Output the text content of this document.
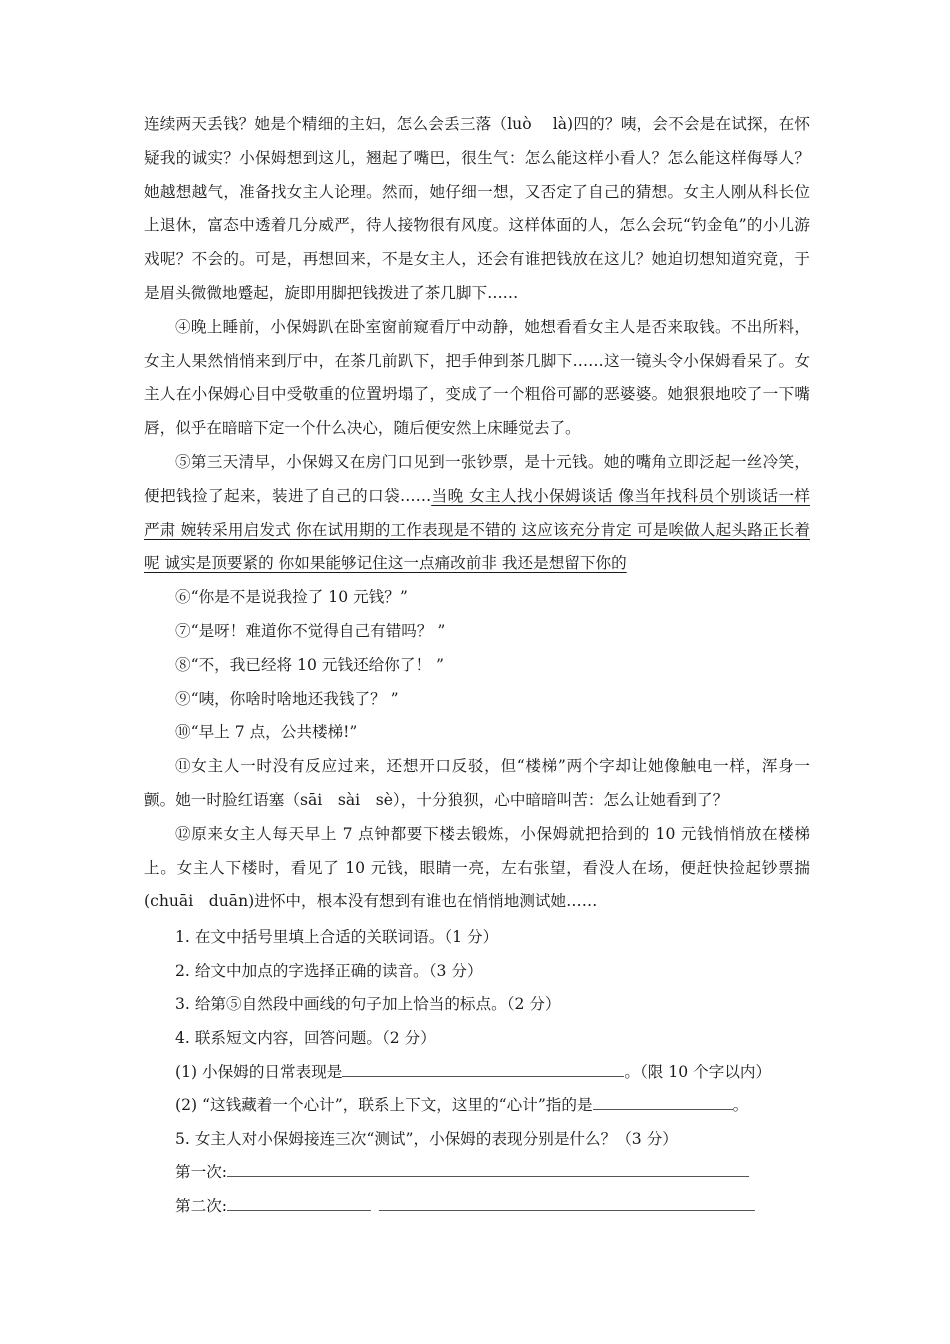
连续两天丢钱？她是个精细的主妇，怎么会丢三落（luò　 là)四的？咦，会不会是在试探，在怀疑我的诚实？小保姆想到这儿，翘起了嘴巴，很生气：怎么能这样小看人？怎么能这样侮辱人？她越想越气，准备找女主人论理。然而，她仔细一想，又否定了自己的猜想。女主人刚从科长位上退休，富态中透着几分威严，待人接物很有风度。这样体面的人，怎么会玩“钓金龟”的小儿游戏呢？不会的。可是，再想回来，不是女主人，还会有谁把钱放在这儿？她迫切想知道究竟，于是眉头微微地蹙起，旋即用脚把钱拨进了茶几脚下……

④晚上睡前，小保姆趴在卧室窗前窥看厅中动静，她想看看女主人是否来取钱。不出所料，女主人果然悄悄来到厅中，在茶几前趴下，把手伸到茶几脚下……这一镜头令小保姆看呆了。女主人在小保姆心目中受敬重的位置坍塌了，变成了一个粗俗可鄙的恶婆婆。她狠狠地咬了一下嘴唇，似乎在暗暗下定一个什么决心，随后便安然上床睡觉去了。

⑤第三天清早，小保姆又在房门口见到一张钞票，是十元钱。她的嘴角立即泛起一丝冷笑，便把钱捡了起来，装进了自己的口袋……当晚 女主人找小保姆谈话 像当年找科员个别谈话一样 严肃 婉转采用启发式 你在试用期的工作表现是不错的 这应该充分肯定 可是唉做人起头路正长着呢 诚实是顶要紧的 你如果能够记住这一点痛改前非 我还是想留下你的

⑥“你是不是说我捡了 10 元钱？”

⑦“是呀！难道你不觉得自己有错吗？ ”

⑧“不，我已经将 10 元钱还给你了！ ”

⑨“咦，你啥时啥地还我钱了？ ”

⑩“早上 7 点，公共楼梯!”

⑪女主人一时没有反应过来，还想开口反驳，但“楼梯”两个字却让她像触电一样，浑身一颤。她一时脸红语塞（sāi　sài　sè），十分狼狈，心中暗暗叫苦：怎么让她看到了？

⑫原来女主人每天早上 7 点钟都要下楼去锻炼，小保姆就把拾到的 10 元钱悄悄放在楼梯上。女主人下楼时，看见了 10 元钱，眼睛一亮，左右张望，看没人在场，便赶快捡起钞票揣 (chuāi　duān)进怀中，根本没有想到有谁也在悄悄地测试她……

1. 在文中括号里填上合适的关联词语。（1 分）

2. 给文中加点的字选择正确的读音。（3 分）

3. 给第⑤自然段中画线的句子加上恰当的标点。（2 分）

4. 联系短文内容，回答问题。（2 分）

(1) 小保姆的日常表现是	。（限 10 个字以内）

(2) “这钱藏着一个心计”，联系上下文，这里的“心计”指的是	。

5. 女主人对小保姆接连三次“测试”，小保姆的表现分别是什么？（3 分）

第一次:

第二次:
